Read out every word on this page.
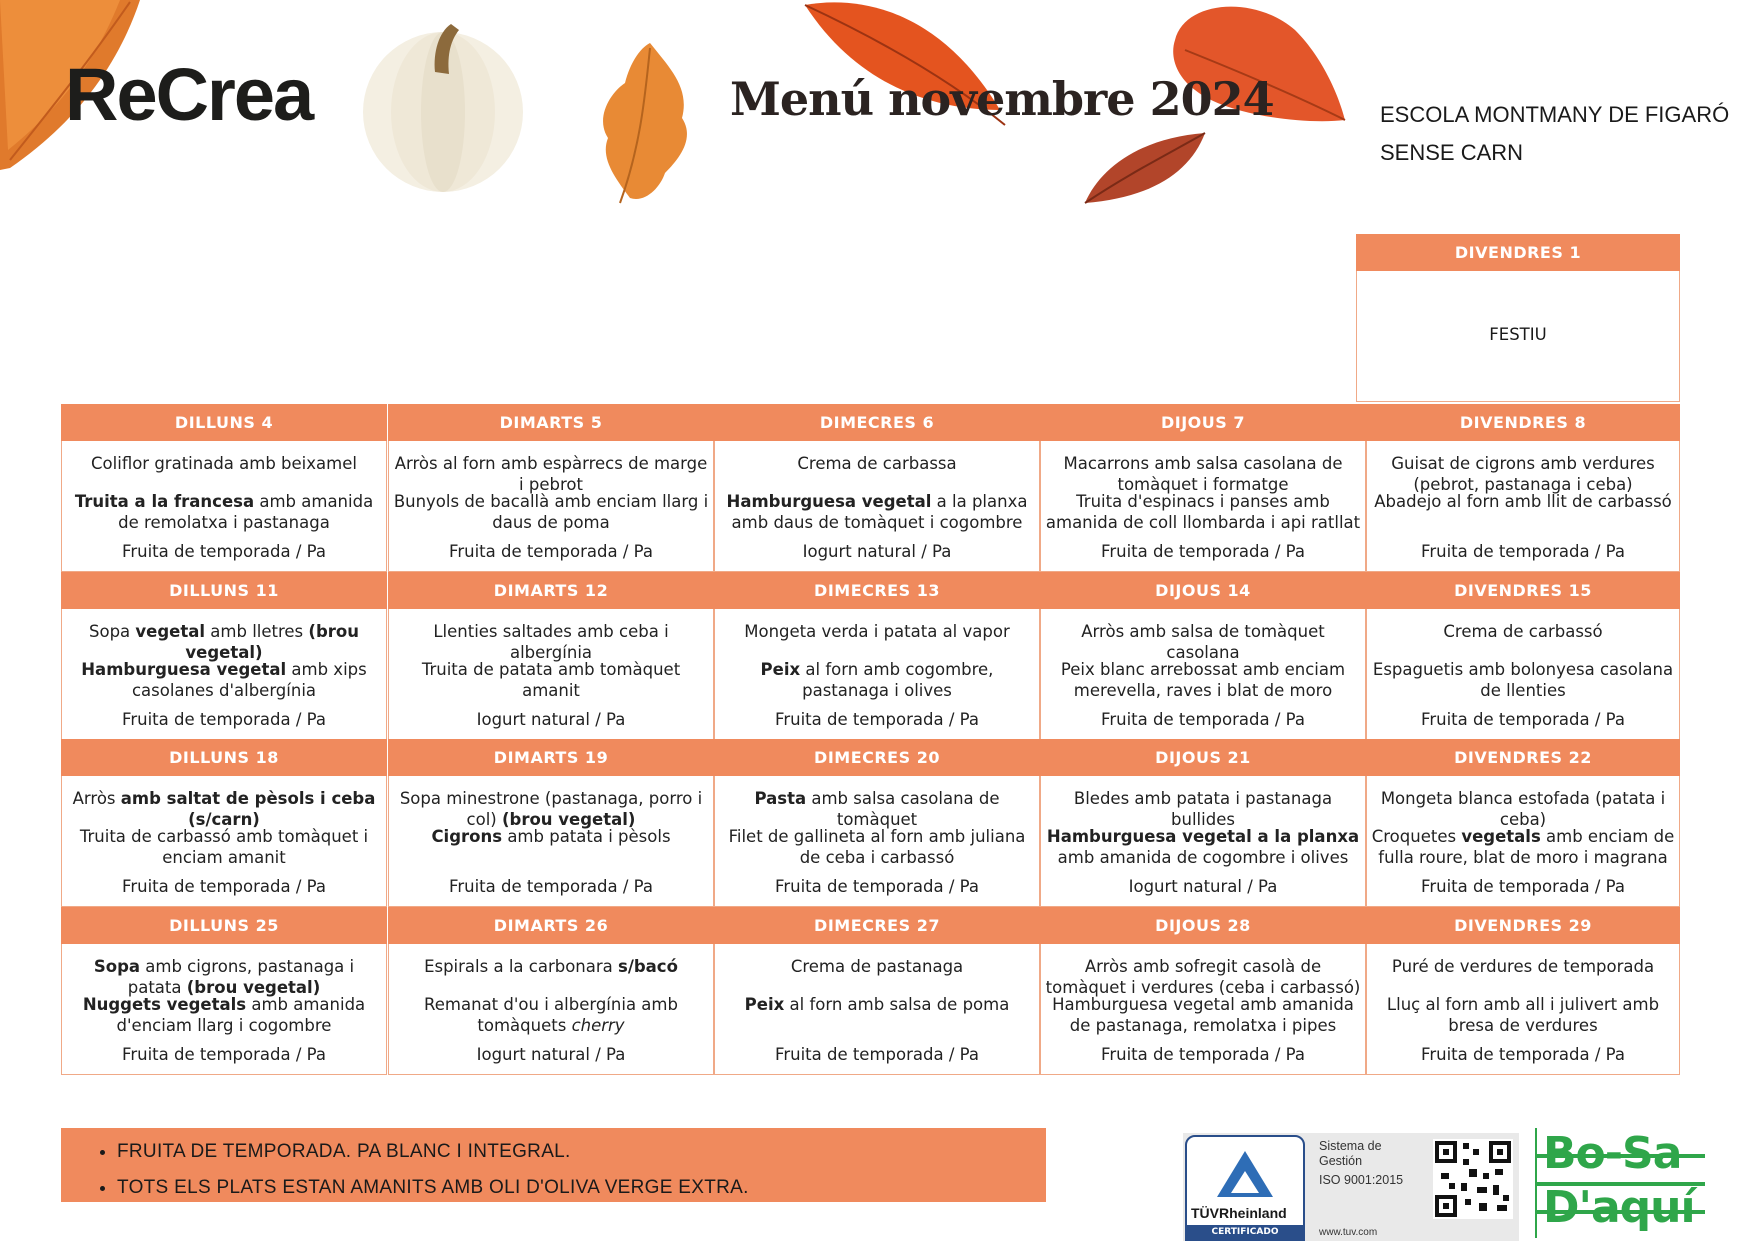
ReCrea	Menú novembre 2024	ESCOLA MONTMANY DE FIGARÓ
SENSE CARN
DIVENDRES 1
FESTIU
DILLUNS 4
Coliflor gratinada amb beixamel
Truita a la francesa amb amanida de remolatxa i pastanaga
Fruita de temporada / Pa
DIMARTS 5
Arròs al forn amb espàrrecs de marge i pebrot
Bunyols de bacallà amb enciam llarg i daus de poma
Fruita de temporada / Pa
DIMECRES 6
Crema de carbassa
Hamburguesa vegetal a la planxa amb daus de tomàquet i cogombre
Iogurt natural / Pa
DIJOUS 7
Macarrons amb salsa casolana de tomàquet i formatge
Truita d'espinacs i panses amb amanida de coll llombarda i api ratllat
Fruita de temporada / Pa
DIVENDRES 8
Guisat de cigrons amb verdures (pebrot, pastanaga i ceba)
Abadejo al forn amb llit de carbassó
Fruita de temporada / Pa
DILLUNS 11
Sopa vegetal amb lletres (brou vegetal)
Hamburguesa vegetal amb xips casolanes d'albergínia
Fruita de temporada / Pa
DIMARTS 12
Llenties saltades amb ceba i albergínia
Truita de patata amb tomàquet amanit
Iogurt natural / Pa
DIMECRES 13
Mongeta verda i patata al vapor
Peix al forn amb cogombre, pastanaga i olives
Fruita de temporada / Pa
DIJOUS 14
Arròs amb salsa de tomàquet casolana
Peix blanc arrebossat amb enciam merevella, raves i blat de moro
Fruita de temporada / Pa
DIVENDRES 15
Crema de carbassó
Espaguetis amb bolonyesa casolana de llenties
Fruita de temporada / Pa
DILLUNS 18
Arròs amb saltat de pèsols i ceba (s/carn)
Truita de carbassó amb tomàquet i enciam amanit
Fruita de temporada / Pa
DIMARTS 19
Sopa minestrone (pastanaga, porro i col) (brou vegetal)
Cigrons amb patata i pèsols
Fruita de temporada / Pa
DIMECRES 20
Pasta amb salsa casolana de tomàquet
Filet de gallineta al forn amb juliana de ceba i carbassó
Fruita de temporada / Pa
DIJOUS 21
Bledes amb patata i pastanaga bullides
Hamburguesa vegetal a la planxa amb amanida de cogombre i olives
Iogurt natural / Pa
DIVENDRES 22
Mongeta blanca estofada (patata i ceba)
Croquetes vegetals amb enciam de fulla roure, blat de moro i magrana
Fruita de temporada / Pa
DILLUNS 25
Sopa amb cigrons, pastanaga i patata (brou vegetal)
Nuggets vegetals amb amanida d'enciam llarg i cogombre
Fruita de temporada / Pa
DIMARTS 26
Espirals a la carbonara s/bacó
Remanat d'ou i albergínia amb tomàquets cherry
Iogurt natural / Pa
DIMECRES 27
Crema de pastanaga
Peix al forn amb salsa de poma
Fruita de temporada / Pa
DIJOUS 28
Arròs amb sofregit casolà de tomàquet i verdures (ceba i carbassó)
Hamburguesa vegetal amb amanida de pastanaga, remolatxa i pipes
Fruita de temporada / Pa
DIVENDRES 29
Puré de verdures de temporada
Lluç al forn amb all i julivert amb bresa de verdures
Fruita de temporada / Pa
• FRUITA DE TEMPORADA. PA BLANC I INTEGRAL.
• TOTS ELS PLATS ESTAN AMANITS AMB OLI D'OLIVA VERGE EXTRA.
TÜVRheinland
CERTIFICADO
Sistema de
Gestión
ISO 9001:2015
www.tuv.com
Bo-Sa
D'aquí
